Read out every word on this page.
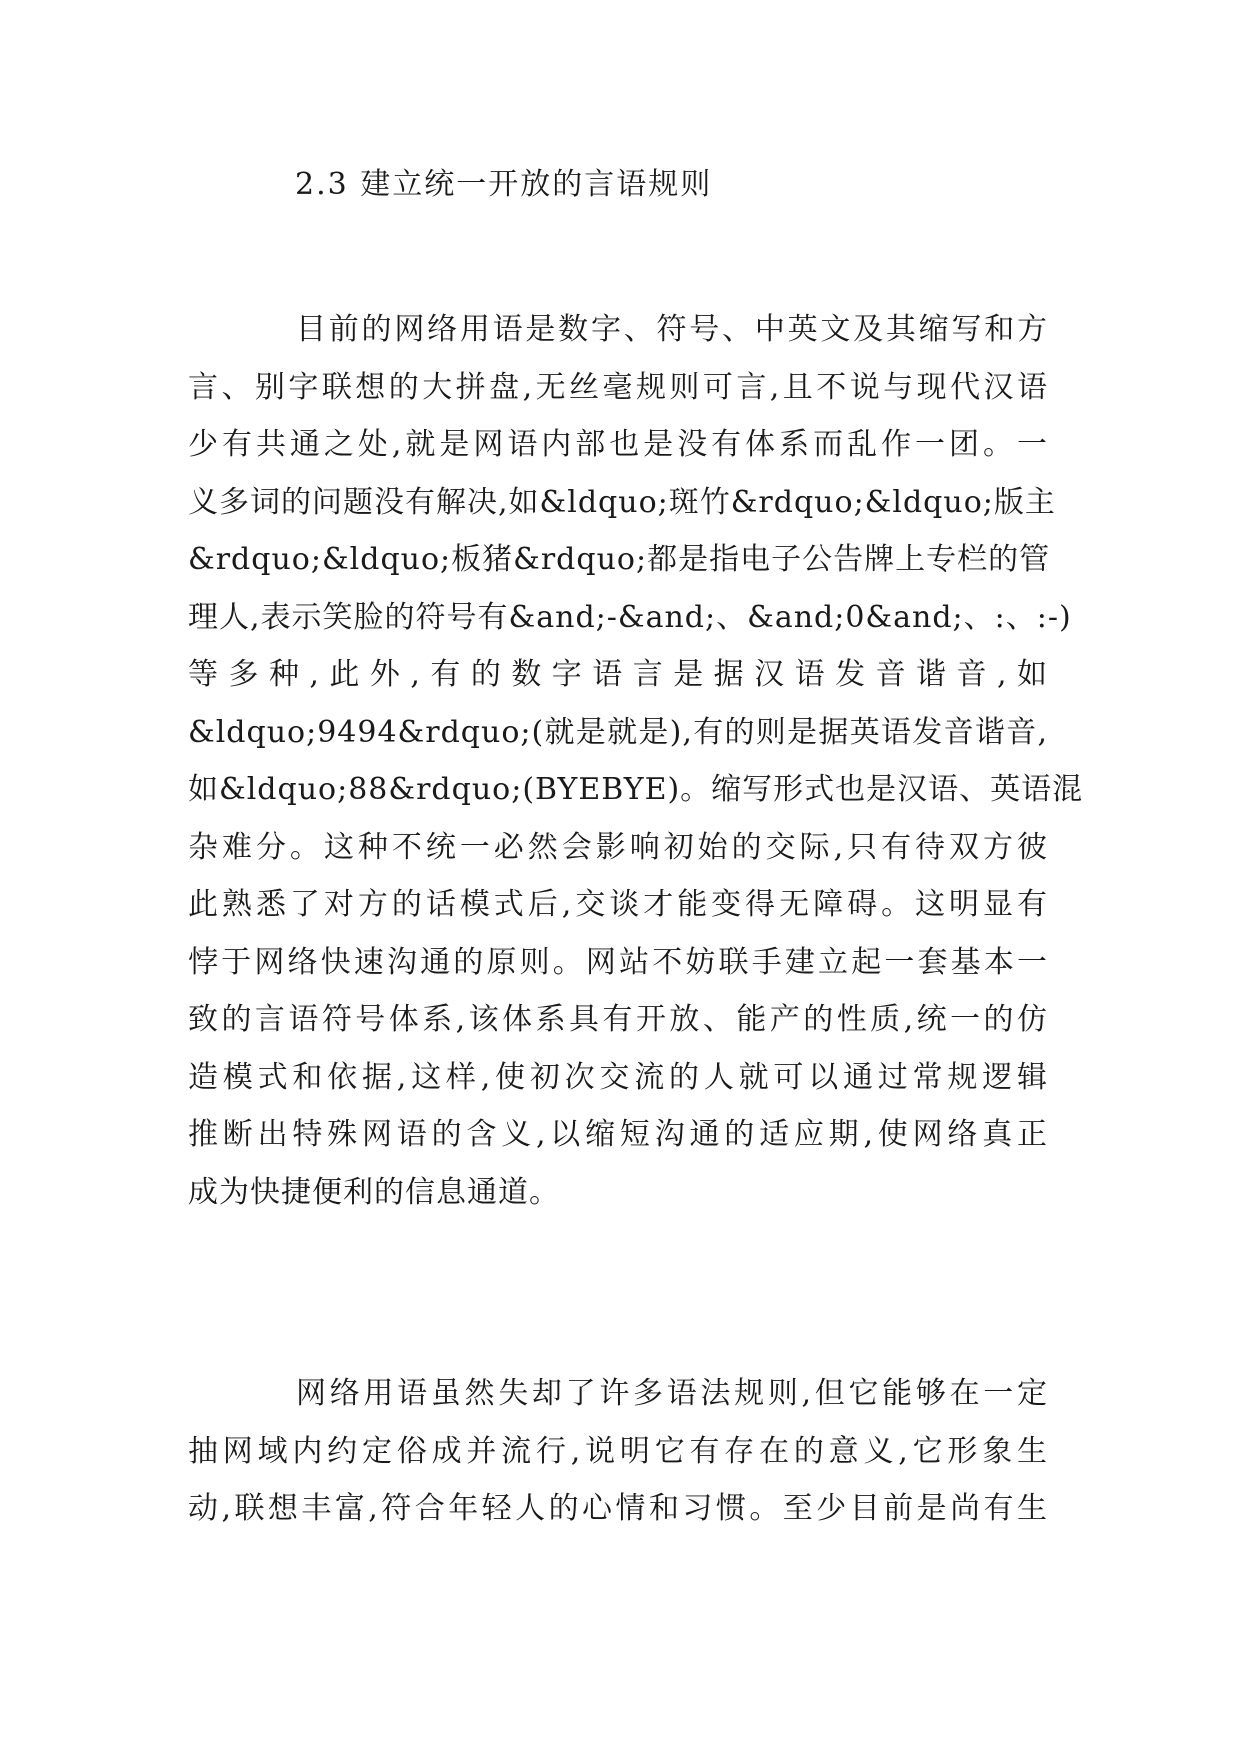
2.3 建立统一开放的言语规则
目前的网络用语是数字、符号、中英文及其缩写和方
言、别字联想的大拼盘,无丝毫规则可言,且不说与现代汉语
少有共通之处,就是网语内部也是没有体系而乱作一团。一
义多词的问题没有解决,如&ldquo;斑竹&rdquo;&ldquo;版主
&rdquo;&ldquo;板猪&rdquo;都是指电子公告牌上专栏的管
理人,表示笑脸的符号有&and;-&and;、&and;0&and;、:、:-)
等多种,此外,有的数字语言是据汉语发音谐音,如
&ldquo;9494&rdquo;(就是就是),有的则是据英语发音谐音,
如&ldquo;88&rdquo;(BYEBYE)。缩写形式也是汉语、英语混
杂难分。这种不统一必然会影响初始的交际,只有待双方彼
此熟悉了对方的话模式后,交谈才能变得无障碍。这明显有
悖于网络快速沟通的原则。网站不妨联手建立起一套基本一
致的言语符号体系,该体系具有开放、能产的性质,统一的仿
造模式和依据,这样,使初次交流的人就可以通过常规逻辑
推断出特殊网语的含义,以缩短沟通的适应期,使网络真正
成为快捷便利的信息通道。
网络用语虽然失却了许多语法规则,但它能够在一定
抽网域内约定俗成并流行,说明它有存在的意义,它形象生
动,联想丰富,符合年轻人的心情和习惯。至少目前是尚有生
